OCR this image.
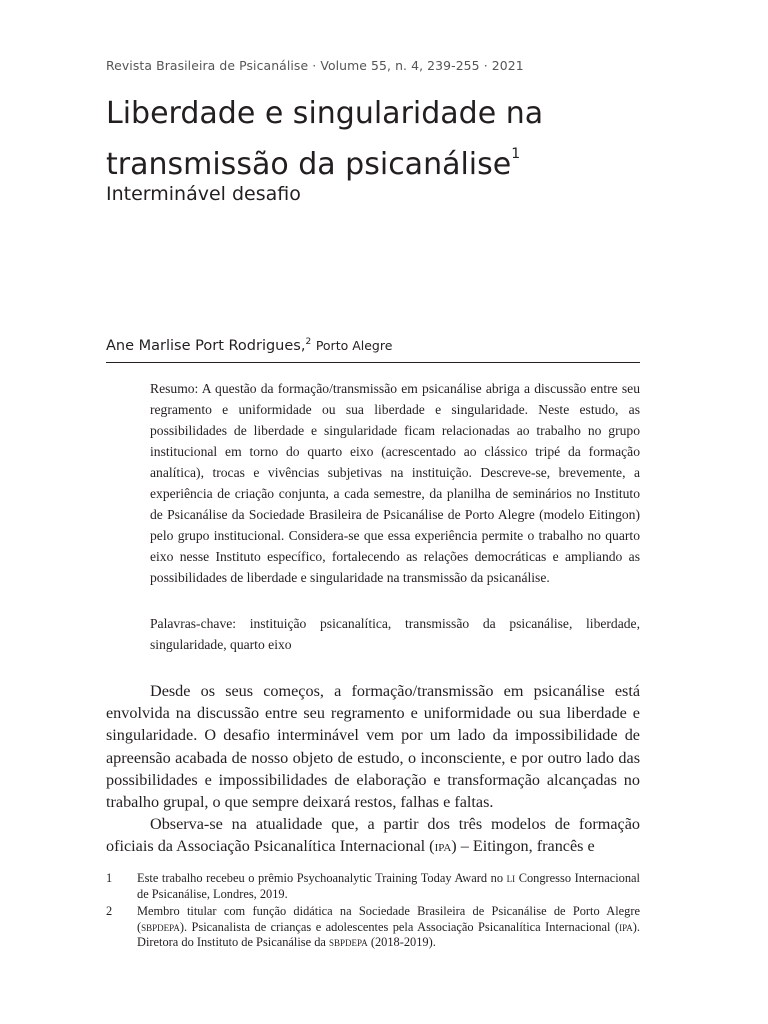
Revista Brasileira de Psicanálise · Volume 55, n. 4, 239-255 · 2021
Liberdade e singularidade na transmissão da psicanálise$^1$
Interminável desafio
Ane Marlise Port Rodrigues,$^2$ Porto Alegre

Resumo: A questão da formação/transmissão em psicanálise abriga a discussão entre seu regramento e uniformidade ou sua liberdade e singularidade. Neste estudo, as possibilidades de liberdade e singularidade ficam relacionadas ao trabalho no grupo institucional em torno do quarto eixo (acrescentado ao clássico tripé da formação analítica), trocas e vivências subjetivas na instituição. Descreve-se, brevemente, a experiência de criação conjunta, a cada semestre, da planilha de seminários no Instituto de Psicanálise da Sociedade Brasileira de Psicanálise de Porto Alegre (modelo Eitingon) pelo grupo institucional. Considera-se que essa experiência permite o trabalho no quarto eixo nesse Instituto específico, fortalecendo as relações democráticas e ampliando as possibilidades de liberdade e singularidade na transmissão da psicanálise.

Palavras-chave: instituição psicanalítica, transmissão da psicanálise, liberdade, singularidade, quarto eixo

Desde os seus começos, a formação/transmissão em psicanálise está envolvida na discussão entre seu regramento e uniformidade ou sua liberdade e singularidade. O desafio interminável vem por um lado da impossibilidade de apreensão acabada de nosso objeto de estudo, o inconsciente, e por outro lado das possibilidades e impossibilidades de elaboração e transformação alcançadas no trabalho grupal, o que sempre deixará restos, falhas e faltas.

Observa-se na atualidade que, a partir dos três modelos de formação oficiais da Associação Psicanalítica Internacional (ipa) – Eitingon, francês e

1	Este trabalho recebeu o prêmio Psychoanalytic Training Today Award no li Congresso Internacional de Psicanálise, Londres, 2019.
2	Membro titular com função didática na Sociedade Brasileira de Psicanálise de Porto Alegre (sbpdepa). Psicanalista de crianças e adolescentes pela Associação Psicanalítica Internacional (ipa). Diretora do Instituto de Psicanálise da sbpdepa (2018-2019).
